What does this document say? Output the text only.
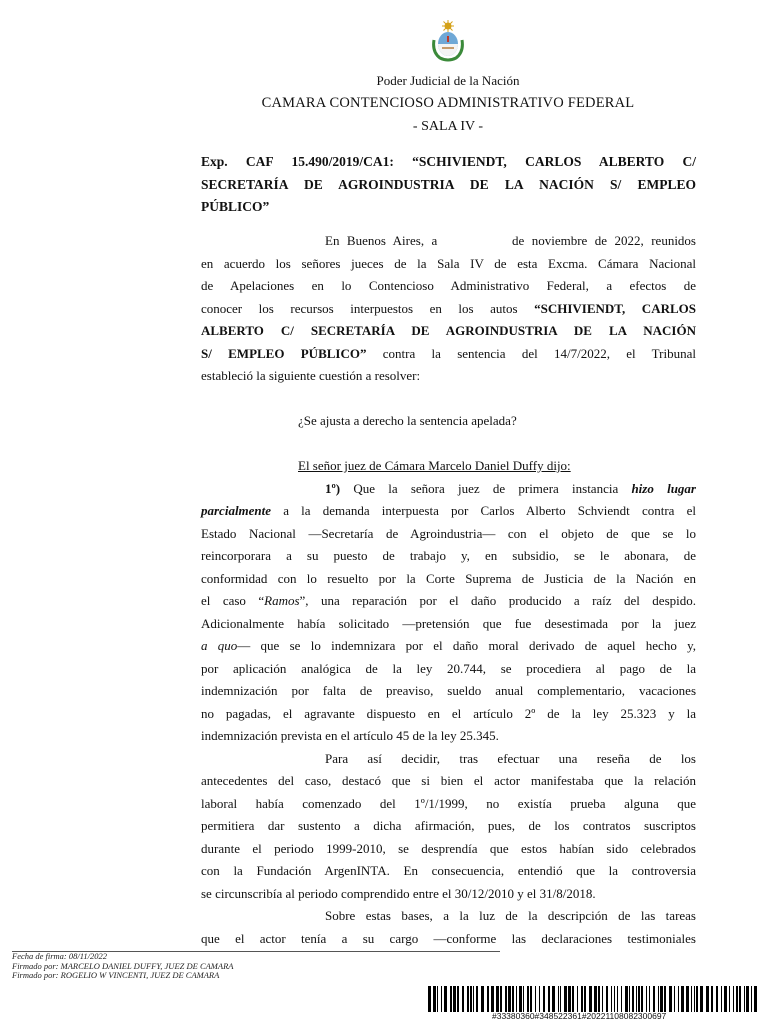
Poder Judicial de la Nación
CAMARA CONTENCIOSO ADMINISTRATIVO FEDERAL
- SALA IV -
Exp. CAF 15.490/2019/CA1: “SCHIVIENDT, CARLOS ALBERTO C/
SECRETARÍA DE AGROINDUSTRIA DE LA NACIÓN S/ EMPLEO
PÚBLICO”
En Buenos Aires, a          de noviembre de 2022, reunidos
en acuerdo los señores jueces de la Sala IV de esta Excma. Cámara Nacional
de Apelaciones en lo Contencioso Administrativo Federal, a efectos de
conocer los recursos interpuestos en los autos “SCHIVIENDT, CARLOS
ALBERTO C/ SECRETARÍA DE AGROINDUSTRIA DE LA NACIÓN
S/ EMPLEO PÚBLICO” contra la sentencia del 14/7/2022, el Tribunal
estableció la siguiente cuestión a resolver:
¿Se ajusta a derecho la sentencia apelada?
El señor juez de Cámara Marcelo Daniel Duffy dijo:
1º) Que la señora juez de primera instancia hizo lugar
parcialmente a la demanda interpuesta por Carlos Alberto Schviendt contra el
Estado Nacional —Secretaría de Agroindustria— con el objeto de que se lo
reincorporara a su puesto de trabajo y, en subsidio, se le abonara, de
conformidad con lo resuelto por la Corte Suprema de Justicia de la Nación en
el caso “Ramos”, una reparación por el daño producido a raíz del despido.
Adicionalmente había solicitado —pretensión que fue desestimada por la juez
a quo— que se lo indemnizara por el daño moral derivado de aquel hecho y,
por aplicación analógica de la ley 20.744, se procediera al pago de la
indemnización por falta de preaviso, sueldo anual complementario, vacaciones
no pagadas, el agravante dispuesto en el artículo 2º de la ley 25.323 y la
indemnización prevista en el artículo 45 de la ley 25.345.
Para así decidir, tras efectuar una reseña de los
antecedentes del caso, destacó que si bien el actor manifestaba que la relación
laboral había comenzado del 1º/1/1999, no existía prueba alguna que
permitiera dar sustento a dicha afirmación, pues, de los contratos suscriptos
durante el periodo 1999-2010, se desprendía que estos habían sido celebrados
con la Fundación ArgenINTA. En consecuencia, entendió que la controversia
se circunscribía al periodo comprendido entre el 30/12/2010 y el 31/8/2018.
Sobre estas bases, a la luz de la descripción de las tareas
que el actor tenía a su cargo —conforme las declaraciones testimoniales
Fecha de firma: 08/11/2022
Firmado por: MARCELO DANIEL DUFFY, JUEZ DE CAMARA
Firmado por: ROGELIO W VINCENTI, JUEZ DE CAMARA
#33380360#348522361#20221108082300697
